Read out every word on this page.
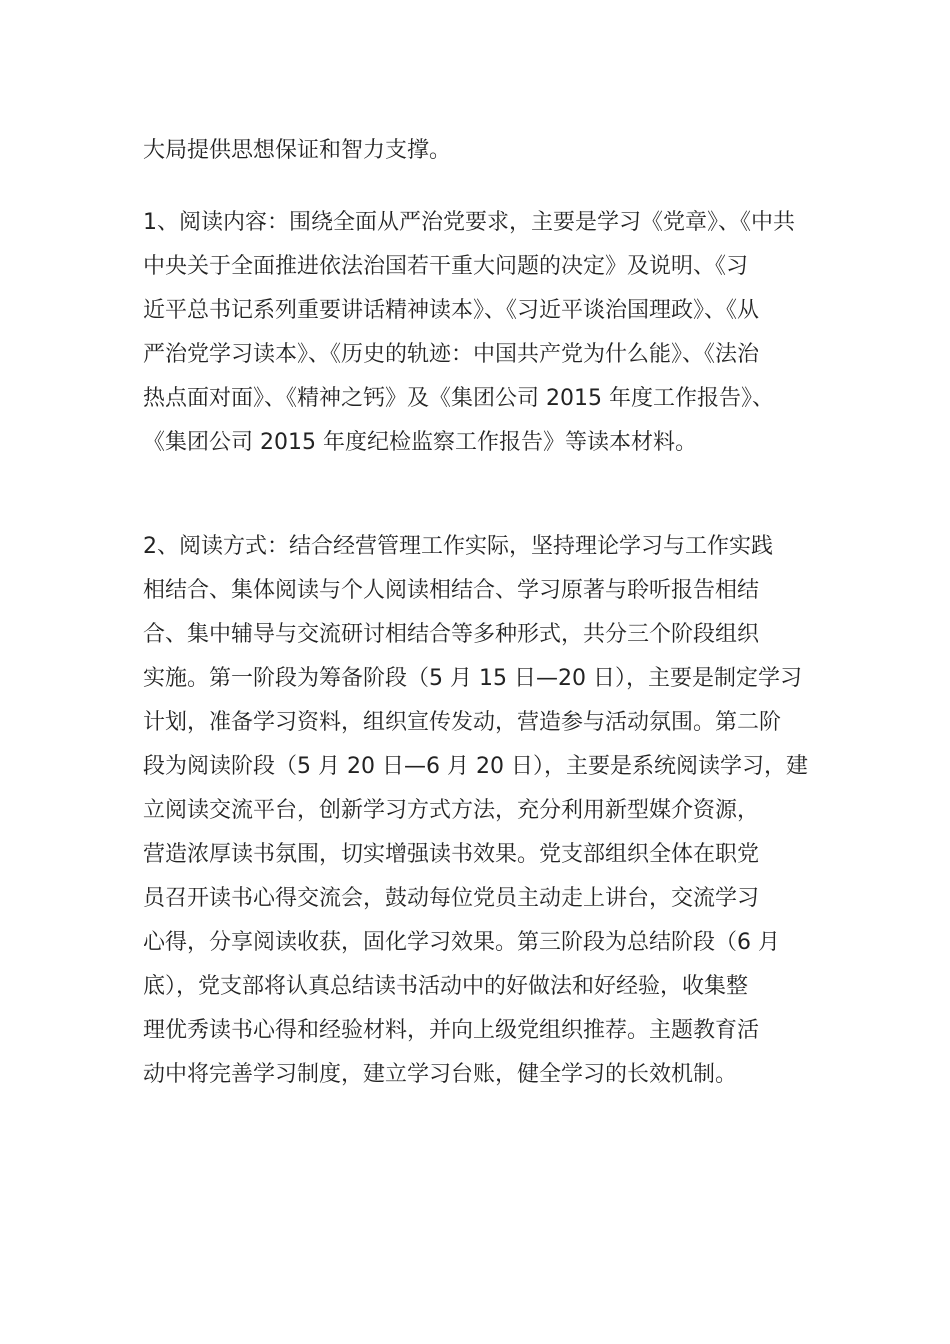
大局提供思想保证和智力支撑。
1、阅读内容：围绕全面从严治党要求，主要是学习《党章》、《中共
中央关于全面推进依法治国若干重大问题的决定》及说明、《习
近平总书记系列重要讲话精神读本》、《习近平谈治国理政》、《从
严治党学习读本》、《历史的轨迹：中国共产党为什么能》、《法治
热点面对面》、《精神之钙》及《集团公司 2015 年度工作报告》、
《集团公司 2015 年度纪检监察工作报告》等读本材料。
2、阅读方式：结合经营管理工作实际，坚持理论学习与工作实践
相结合、集体阅读与个人阅读相结合、学习原著与聆听报告相结
合、集中辅导与交流研讨相结合等多种形式，共分三个阶段组织
实施。第一阶段为筹备阶段（5 月 15 日—20 日），主要是制定学习
计划，准备学习资料，组织宣传发动，营造参与活动氛围。第二阶
段为阅读阶段（5 月 20 日—6 月 20 日），主要是系统阅读学习，建
立阅读交流平台，创新学习方式方法，充分利用新型媒介资源，
营造浓厚读书氛围，切实增强读书效果。党支部组织全体在职党
员召开读书心得交流会，鼓动每位党员主动走上讲台，交流学习
心得，分享阅读收获，固化学习效果。第三阶段为总结阶段（6 月
底），党支部将认真总结读书活动中的好做法和好经验，收集整
理优秀读书心得和经验材料，并向上级党组织推荐。主题教育活
动中将完善学习制度，建立学习台账，健全学习的长效机制。
